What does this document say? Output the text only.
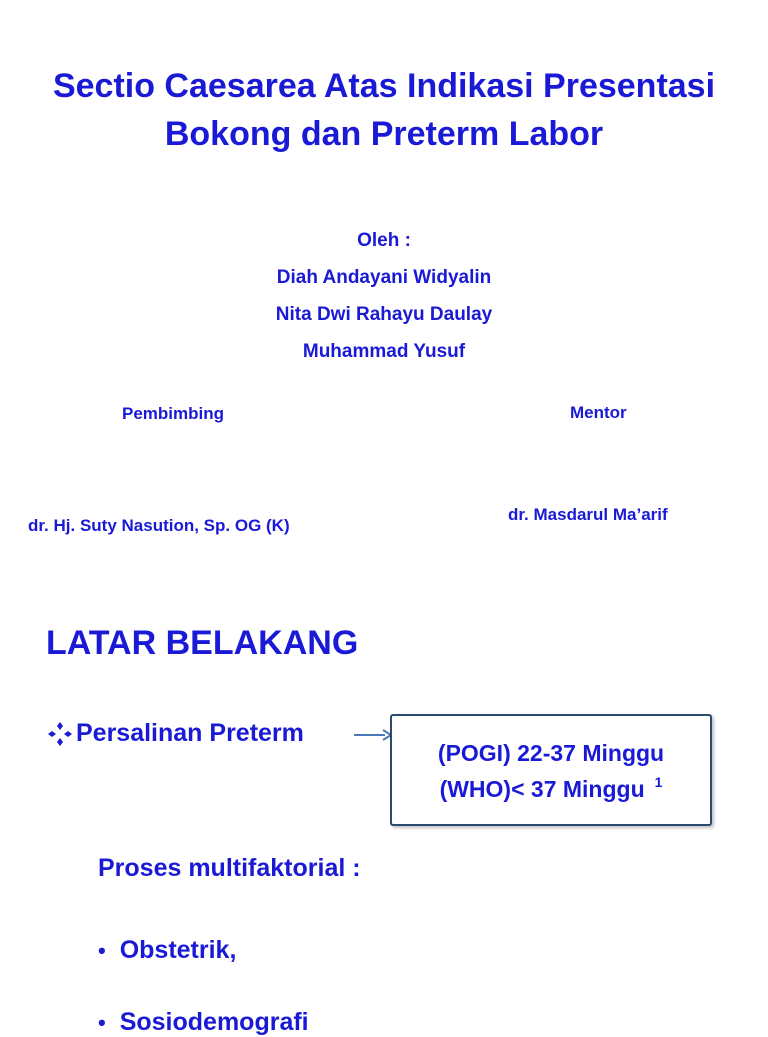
Sectio Caesarea Atas Indikasi Presentasi
Bokong dan Preterm Labor
Oleh :
Diah Andayani Widyalin
Nita Dwi Rahayu Daulay
Muhammad Yusuf
Pembimbing	Mentor
dr. Hj. Suty Nasution, Sp. OG (K)
dr. Masdarul Ma’arif
LATAR BELAKANG
Persalinan Preterm
(POGI) 22-37 Minggu
(WHO)< 37 Minggu $^1$
Proses multifaktorial :
• Obstetrik,
• Sosiodemografi
